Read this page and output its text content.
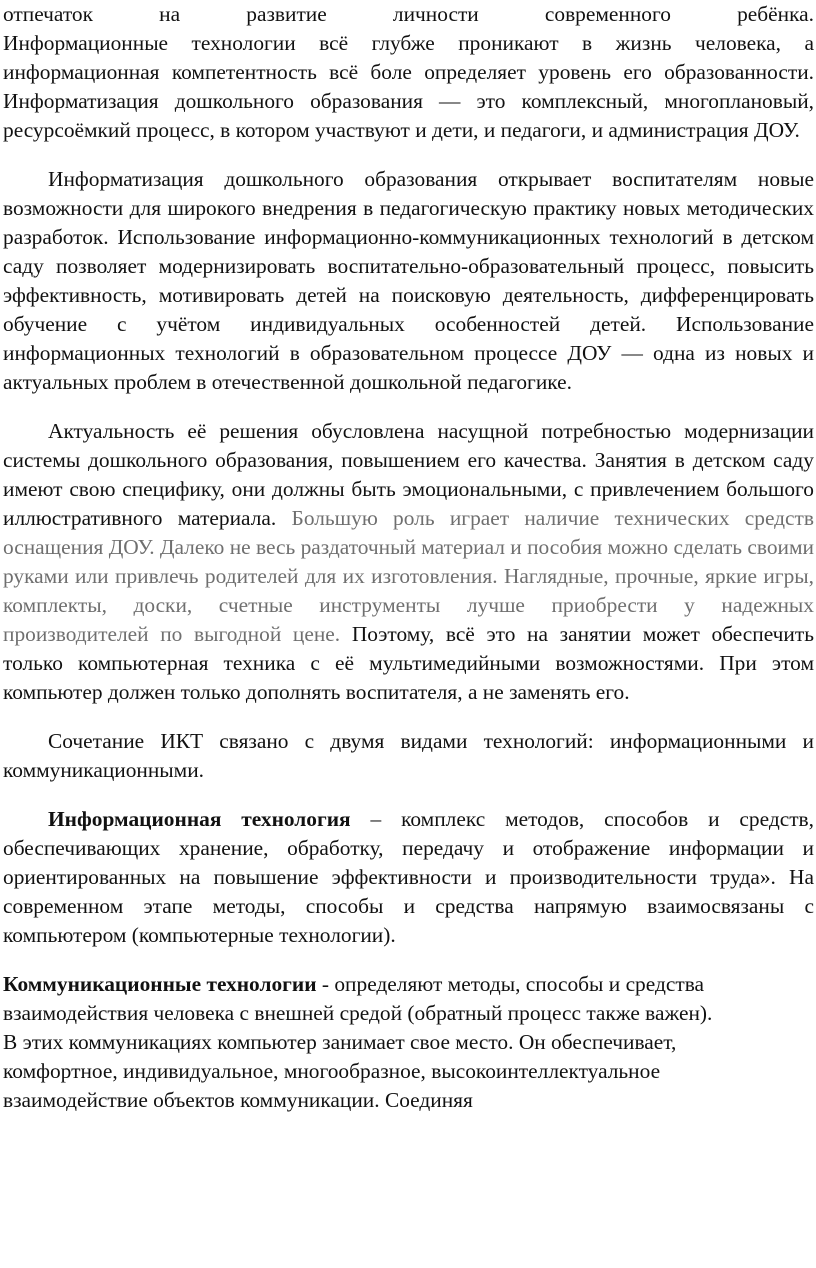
отпечаток на развитие личности современного ребёнка.
Информационные технологии всё глубже проникают в жизнь человека, а информационная компетентность всё боле определяет уровень его образованности. Информатизация дошкольного образования — это комплексный, многоплановый, ресурсоёмкий процесс, в котором участвуют и дети, и педагоги, и администрация ДОУ.

Информатизация дошкольного образования открывает воспитателям новые возможности для широкого внедрения в педагогическую практику новых методических разработок. Использование информационно-коммуникационных технологий в детском саду позволяет модернизировать воспитательно-образовательный процесс, повысить эффективность, мотивировать детей на поисковую деятельность, дифференцировать обучение с учётом индивидуальных особенностей детей. Использование информационных технологий в образовательном процессе ДОУ — одна из новых и актуальных проблем в отечественной дошкольной педагогике.

Актуальность её решения обусловлена насущной потребностью модернизации системы дошкольного образования, повышением его качества. Занятия в детском саду имеют свою специфику, они должны быть эмоциональными, с привлечением большого иллюстративного материала. Большую роль играет наличие технических средств оснащения ДОУ. Далеко не весь раздаточный материал и пособия можно сделать своими руками или привлечь родителей для их изготовления. Наглядные, прочные, яркие игры, комплекты, доски, счетные инструменты лучше приобрести у надежных производителей по выгодной цене. Поэтому, всё это на занятии может обеспечить только компьютерная техника с её мультимедийными возможностями. При этом компьютер должен только дополнять воспитателя, а не заменять его.

Сочетание ИКТ связано с двумя видами технологий: информационными и коммуникационными.

Информационная технология – комплекс методов, способов и средств, обеспечивающих хранение, обработку, передачу и отображение информации и ориентированных на повышение эффективности и производительности труда». На современном этапе методы, способы и средства напрямую взаимосвязаны с компьютером (компьютерные технологии).

Коммуникационные технологии - определяют методы, способы и средства
взаимодействия человека с внешней средой (обратный процесс также важен).
В этих коммуникациях компьютер занимает свое место. Он обеспечивает,
комфортное, индивидуальное, многообразное, высокоинтеллектуальное
взаимодействие объектов коммуникации. Соединяя
